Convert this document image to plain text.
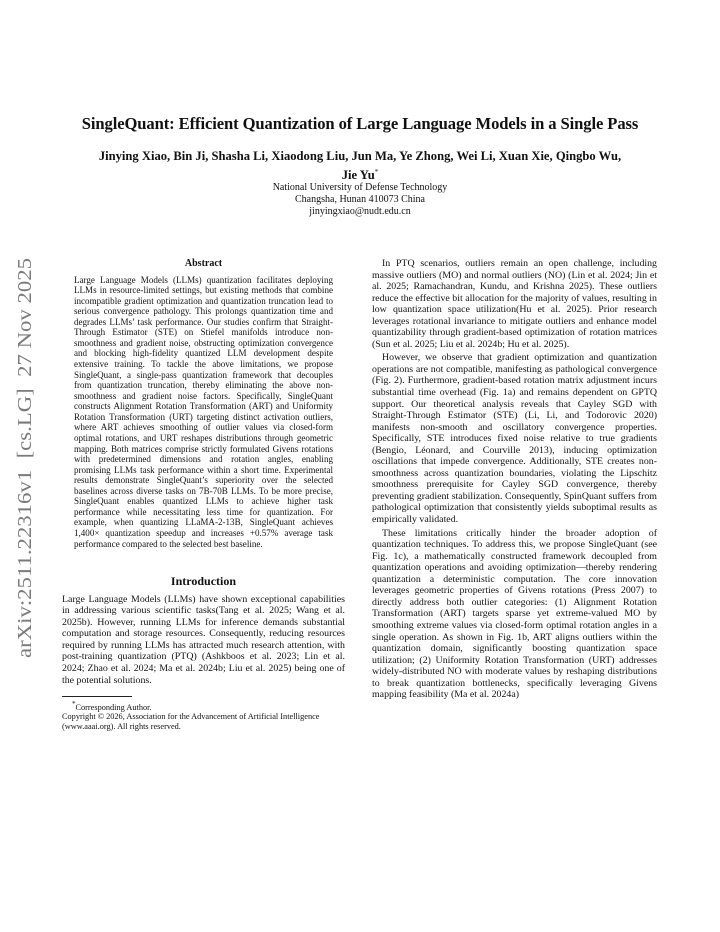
arXiv:2511.22316v1  [cs.LG]  27 Nov 2025
SingleQuant: Efficient Quantization of Large Language Models in a Single Pass
Jinying Xiao, Bin Ji, Shasha Li, Xiaodong Liu, Jun Ma, Ye Zhong, Wei Li, Xuan Xie, Qingbo Wu,
Jie Yu*
National University of Defense Technology
Changsha, Hunan 410073 China
jinyingxiao@nudt.edu.cn
Abstract

Large Language Models (LLMs) quantization facilitates deploying LLMs in resource-limited settings, but existing methods that combine incompatible gradient optimization and quantization truncation lead to serious convergence pathology. This prolongs quantization time and degrades LLMs’ task performance. Our studies confirm that Straight-Through Estimator (STE) on Stiefel manifolds introduce non-smoothness and gradient noise, obstructing optimization convergence and blocking high-fidelity quantized LLM development despite extensive training. To tackle the above limitations, we propose SingleQuant, a single-pass quantization framework that decouples from quantization truncation, thereby eliminating the above non-smoothness and gradient noise factors. Specifically, SingleQuant constructs Alignment Rotation Transformation (ART) and Uniformity Rotation Transformation (URT) targeting distinct activation outliers, where ART achieves smoothing of outlier values via closed-form optimal rotations, and URT reshapes distributions through geometric mapping. Both matrices comprise strictly formulated Givens rotations with predetermined dimensions and rotation angles, enabling promising LLMs task performance within a short time. Experimental results demonstrate SingleQuant’s superiority over the selected baselines across diverse tasks on 7B-70B LLMs. To be more precise, SingleQuant enables quantized LLMs to achieve higher task performance while necessitating less time for quantization. For example, when quantizing LLaMA-2-13B, SingleQuant achieves 1,400× quantization speedup and increases +0.57% average task performance compared to the selected best baseline.

Introduction

Large Language Models (LLMs) have shown exceptional capabilities in addressing various scientific tasks(Tang et al. 2025; Wang et al. 2025b). However, running LLMs for inference demands substantial computation and storage resources. Consequently, reducing resources required by running LLMs has attracted much research attention, with post-training quantization (PTQ) (Ashkboos et al. 2023; Lin et al. 2024; Zhao et al. 2024; Ma et al. 2024b; Liu et al. 2025) being one of the potential solutions.

*Corresponding Author.
Copyright © 2026, Association for the Advancement of Artificial Intelligence (www.aaai.org). All rights reserved.

In PTQ scenarios, outliers remain an open challenge, including massive outliers (MO) and normal outliers (NO) (Lin et al. 2024; Jin et al. 2025; Ramachandran, Kundu, and Krishna 2025). These outliers reduce the effective bit allocation for the majority of values, resulting in low quantization space utilization(Hu et al. 2025). Prior research leverages rotational invariance to mitigate outliers and enhance model quantizability through gradient-based optimization of rotation matrices (Sun et al. 2025; Liu et al. 2024b; Hu et al. 2025).

However, we observe that gradient optimization and quantization operations are not compatible, manifesting as pathological convergence (Fig. 2). Furthermore, gradient-based rotation matrix adjustment incurs substantial time overhead (Fig. 1a) and remains dependent on GPTQ support. Our theoretical analysis reveals that Cayley SGD with Straight-Through Estimator (STE) (Li, Li, and Todorovic 2020) manifests non-smooth and oscillatory convergence properties. Specifically, STE introduces fixed noise relative to true gradients (Bengio, Léonard, and Courville 2013), inducing optimization oscillations that impede convergence. Additionally, STE creates non-smoothness across quantization boundaries, violating the Lipschitz smoothness prerequisite for Cayley SGD convergence, thereby preventing gradient stabilization. Consequently, SpinQuant suffers from pathological optimization that consistently yields suboptimal results as empirically validated.

These limitations critically hinder the broader adoption of quantization techniques. To address this, we propose SingleQuant (see Fig. 1c), a mathematically constructed framework decoupled from quantization operations and avoiding optimization—thereby rendering quantization a deterministic computation. The core innovation leverages geometric properties of Givens rotations (Press 2007) to directly address both outlier categories: (1) Alignment Rotation Transformation (ART) targets sparse yet extreme-valued MO by smoothing extreme values via closed-form optimal rotation angles in a single operation. As shown in Fig. 1b, ART aligns outliers within the quantization domain, significantly boosting quantization space utilization; (2) Uniformity Rotation Transformation (URT) addresses widely-distributed NO with moderate values by reshaping distributions to break quantization bottlenecks, specifically leveraging Givens mapping feasibility (Ma et al. 2024a)
